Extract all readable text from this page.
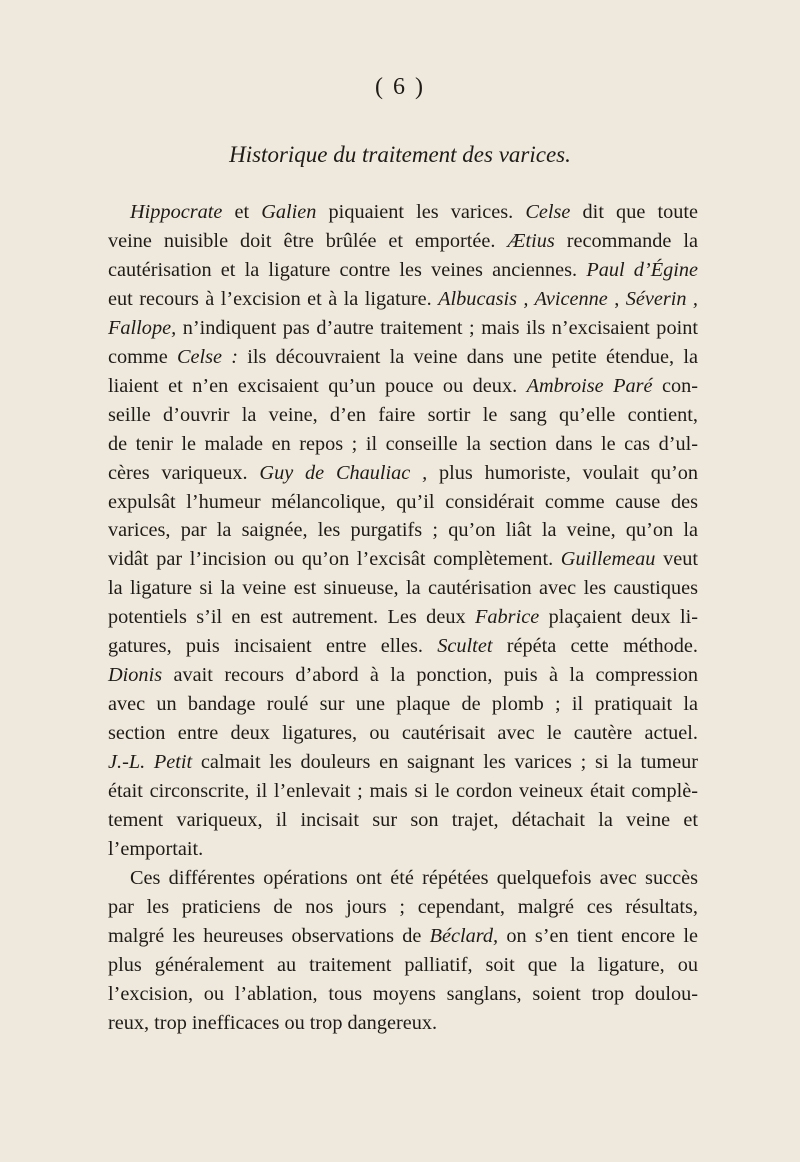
( 6 )
Historique du traitement des varices.
Hippocrate et Galien piquaient les varices. Celse dit que toute
veine nuisible doit être brûlée et emportée. Ætius recommande la
cautérisation et la ligature contre les veines anciennes. Paul d’Égine
eut recours à l’excision et à la ligature. Albucasis , Avicenne , Séverin ,
Fallope, n’indiquent pas d’autre traitement ; mais ils n’excisaient point
comme Celse : ils découvraient la veine dans une petite étendue, la
liaient et n’en excisaient qu’un pouce ou deux. Ambroise Paré con-
seille d’ouvrir la veine, d’en faire sortir le sang qu’elle contient,
de tenir le malade en repos ; il conseille la section dans le cas d’ul-
cères variqueux. Guy de Chauliac , plus humoriste, voulait qu’on
expulsât l’humeur mélancolique, qu’il considérait comme cause des
varices, par la saignée, les purgatifs ; qu’on liât la veine, qu’on la
vidât par l’incision ou qu’on l’excisât complètement. Guillemeau veut
la ligature si la veine est sinueuse, la cautérisation avec les caustiques
potentiels s’il en est autrement. Les deux Fabrice plaçaient deux li-
gatures, puis incisaient entre elles. Scultet répéta cette méthode.
Dionis avait recours d’abord à la ponction, puis à la compression
avec un bandage roulé sur une plaque de plomb ; il pratiquait la
section entre deux ligatures, ou cautérisait avec le cautère actuel.
J.-L. Petit calmait les douleurs en saignant les varices ; si la tumeur
était circonscrite, il l’enlevait ; mais si le cordon veineux était complè-
tement variqueux, il incisait sur son trajet, détachait la veine et
l’emportait.
Ces différentes opérations ont été répétées quelquefois avec succès
par les praticiens de nos jours ; cependant, malgré ces résultats,
malgré les heureuses observations de Béclard, on s’en tient encore le
plus généralement au traitement palliatif, soit que la ligature, ou
l’excision, ou l’ablation, tous moyens sanglans, soient trop doulou-
reux, trop inefficaces ou trop dangereux.
